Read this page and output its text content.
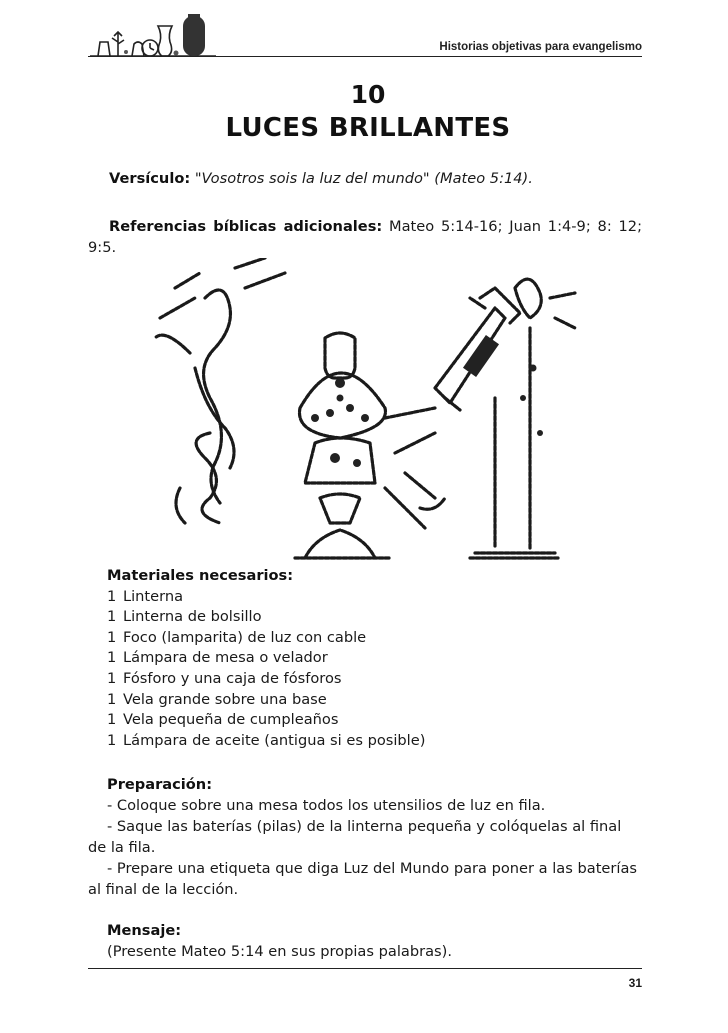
Historias objetivas para evangelismo
10
LUCES BRILLANTES
Versículo: "Vosotros sois la luz del mundo" (Mateo 5:14).
Referencias bíblicas adicionales: Mateo 5:14-16; Juan 1:4-9; 8: 12; 9:5.
Materiales necesarios:
1 Linterna
1 Linterna de bolsillo
1 Foco (lamparita) de luz con cable
1 Lámpara de mesa o velador
1 Fósforo y una caja de fósforos
1 Vela grande sobre una base
1 Vela pequeña de cumpleaños
1 Lámpara de aceite (antigua si es posible)
Preparación:

- Coloque sobre una mesa todos los utensilios de luz en fila.

- Saque las baterías (pilas) de la linterna pequeña y colóquelas al final de la fila.

- Prepare una etiqueta que diga Luz del Mundo para poner a las baterías al final de la lección.

Mensaje:
(Presente Mateo 5:14 en sus propias palabras).
31
